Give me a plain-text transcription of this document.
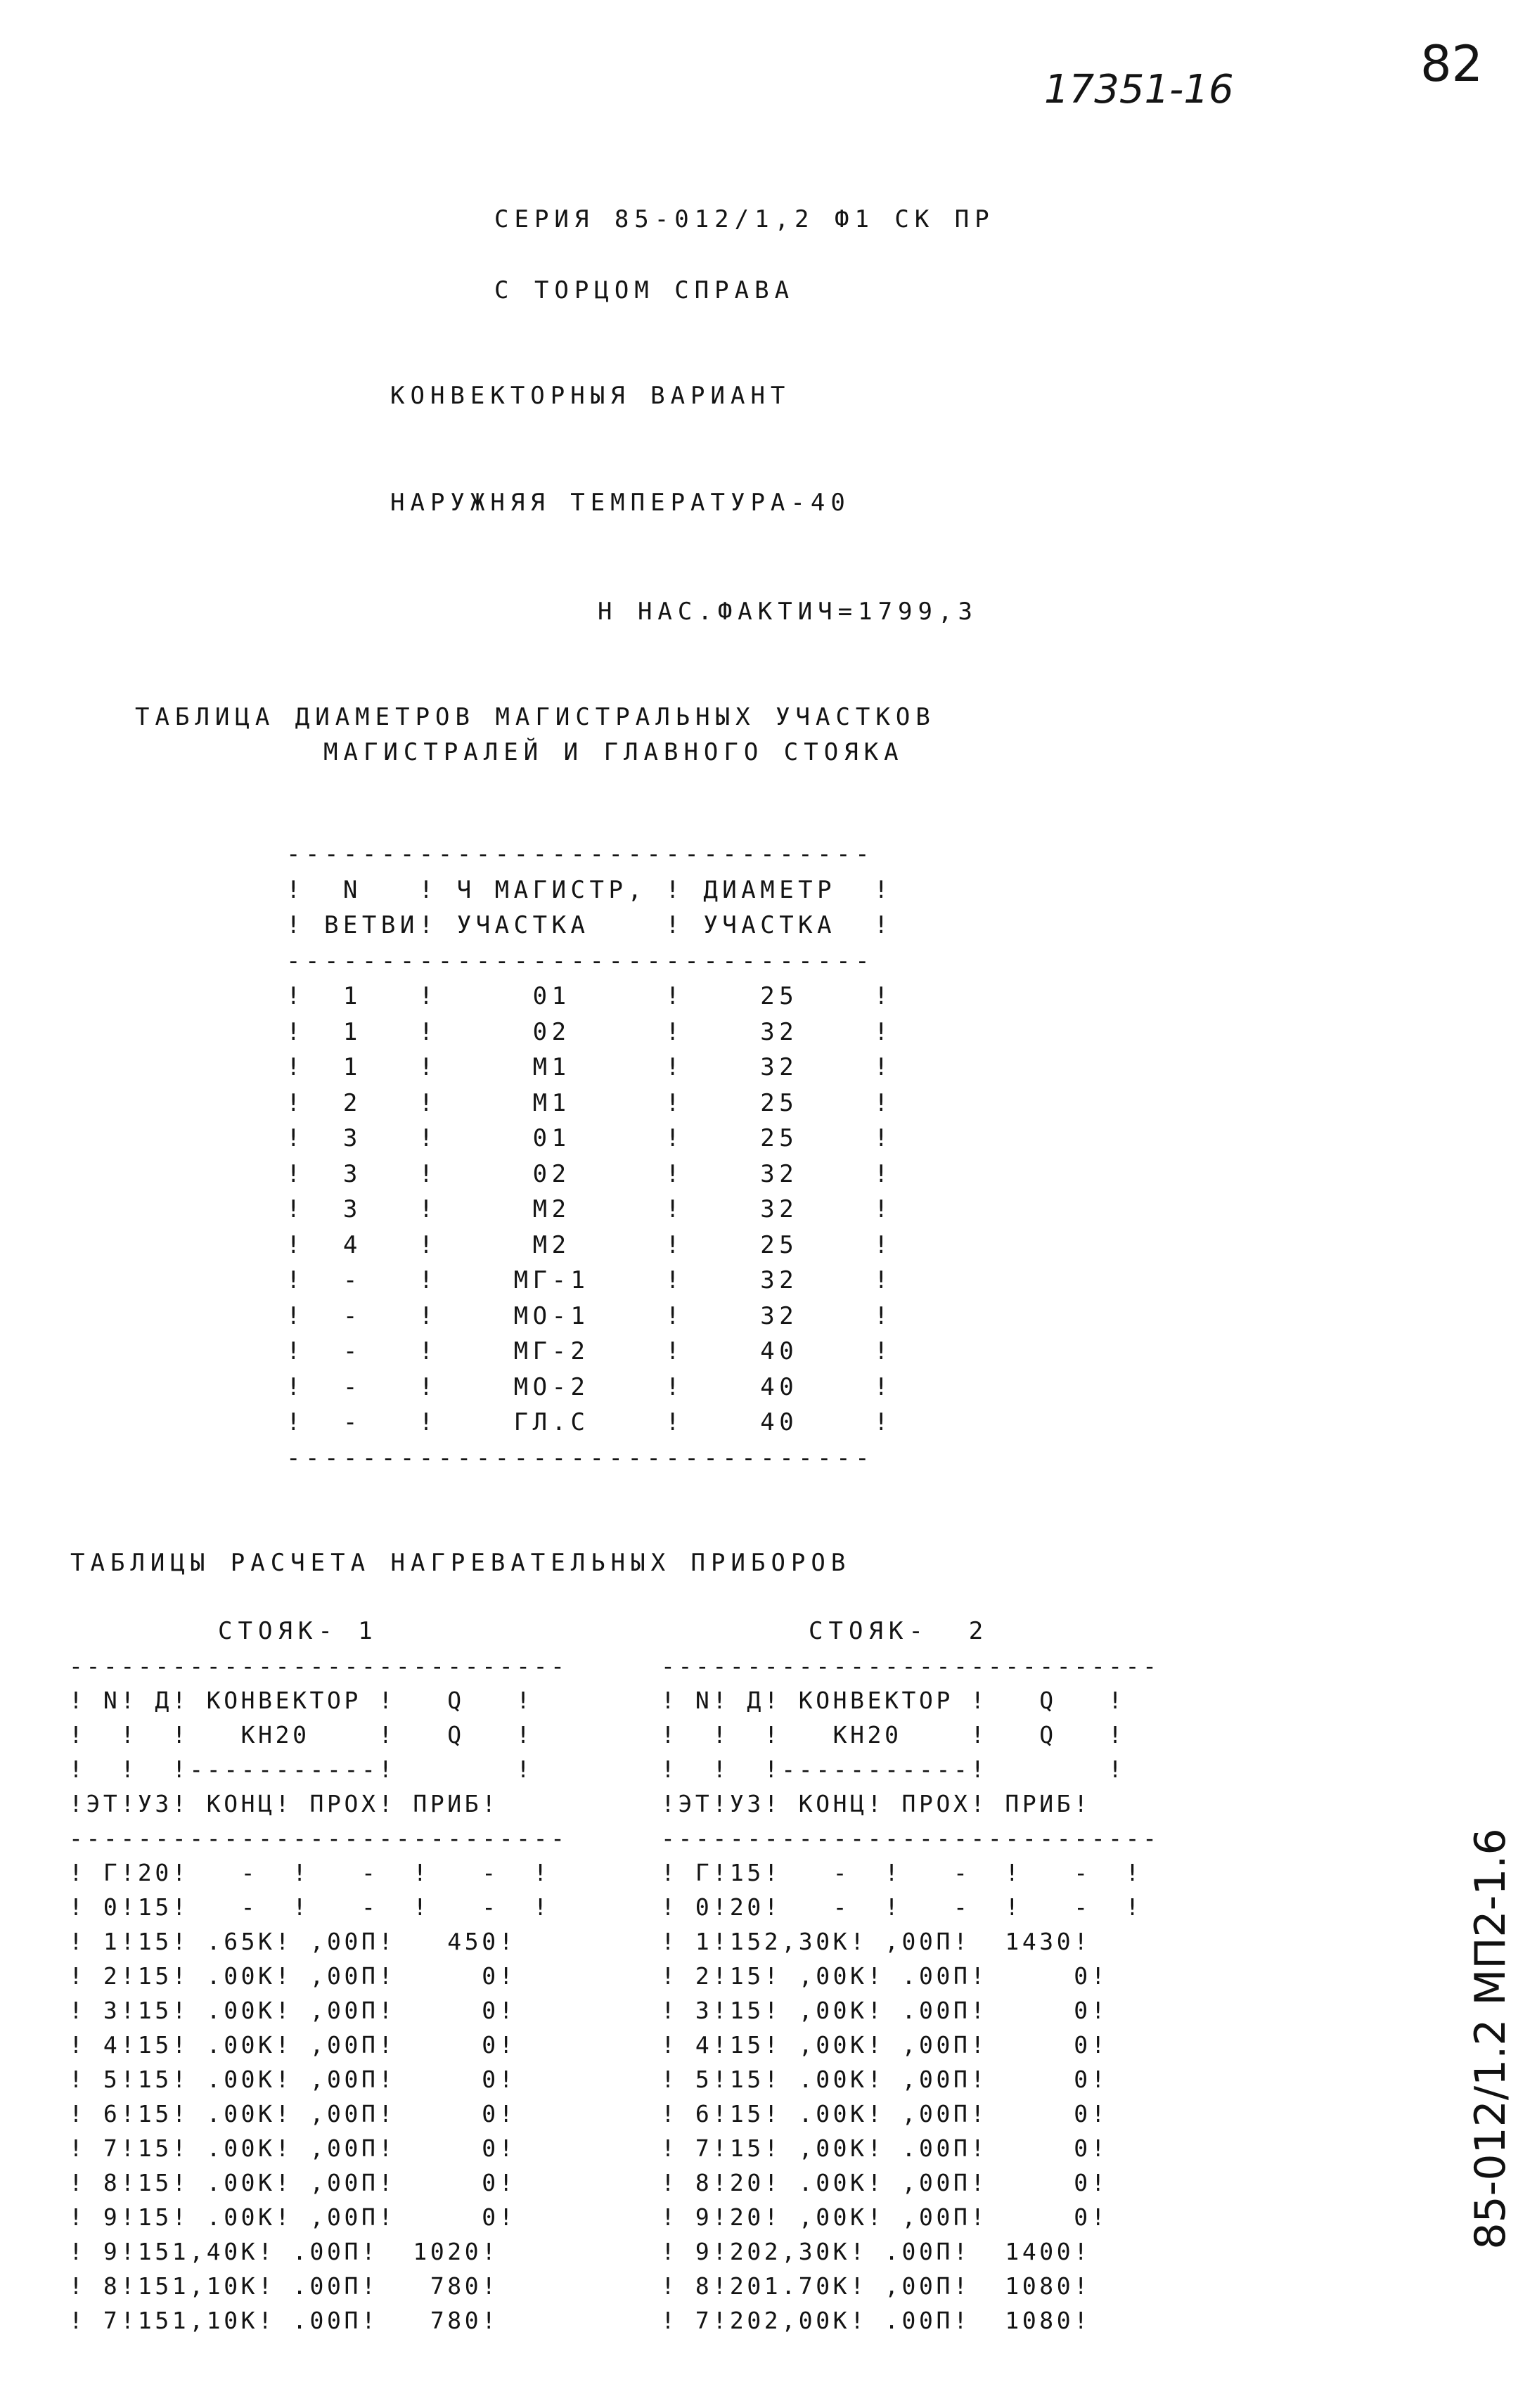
82
17351-16
СЕРИЯ 85-012/1,2 Ф1 СК ПР
С ТОРЦОМ СПРАВА
КОНВЕКТОРНЫЯ ВАРИАНТ
НАРУЖНЯЯ ТЕМПЕРАТУРА-40
Н НАС.ФАКТИЧ=1799,3
ТАБЛИЦА ДИАМЕТРОВ МАГИСТРАЛЬНЫХ УЧАСТКОВ
МАГИСТРАЛЕЙ И ГЛАВНОГО СТОЯКА
-------------------------------
!  N   ! Ч МАГИСТР, ! ДИАМЕТР  !
! ВЕТВИ! УЧАСТКА    ! УЧАСТКА  !
-------------------------------
!  1   !     01     !    25    !
!  1   !     02     !    32    !
!  1   !     М1     !    32    !
!  2   !     М1     !    25    !
!  3   !     01     !    25    !
!  3   !     02     !    32    !
!  3   !     М2     !    32    !
!  4   !     М2     !    25    !
!  -   !    МГ-1    !    32    !
!  -   !    МО-1    !    32    !
!  -   !    МГ-2    !    40    !
!  -   !    МО-2    !    40    !
!  -   !    ГЛ.С    !    40    !
-------------------------------
ТАБЛИЦЫ РАСЧЕТА НАГРЕВАТЕЛЬНЫХ ПРИБОРОВ
СТОЯК- 1	СТОЯК-  2
-----------------------------
! N! Д! КОНВЕКТОР !   Q   !
!  !  !   КН20    !   Q   !
!  !  !-----------!       !
!ЭТ!УЗ! КОНЦ! ПРОХ! ПРИБ!
-----------------------------
! Г!20!   -  !   -  !   -  !
! 0!15!   -  !   -  !   -  !
! 1!15! .65К! ,00П!   450!
! 2!15! .00К! ,00П!     0!
! 3!15! .00К! ,00П!     0!
! 4!15! .00К! ,00П!     0!
! 5!15! .00К! ,00П!     0!
! 6!15! .00К! ,00П!     0!
! 7!15! .00К! ,00П!     0!
! 8!15! .00К! ,00П!     0!
! 9!15! .00К! ,00П!     0!
! 9!151,40К! .00П!  1020!
! 8!151,10К! .00П!   780!
! 7!151,10К! .00П!   780!
-----------------------------
! N! Д! КОНВЕКТОР !   Q   !
!  !  !   КН20    !   Q   !
!  !  !-----------!       !
!ЭТ!УЗ! КОНЦ! ПРОХ! ПРИБ!
-----------------------------
! Г!15!   -  !   -  !   -  !
! 0!20!   -  !   -  !   -  !
! 1!152,30К! ,00П!  1430!
! 2!15! ,00К! .00П!     0!
! 3!15! ,00К! .00П!     0!
! 4!15! ,00К! ,00П!     0!
! 5!15! .00К! ,00П!     0!
! 6!15! .00К! ,00П!     0!
! 7!15! ,00К! .00П!     0!
! 8!20! .00К! ,00П!     0!
! 9!20! ,00К! ,00П!     0!
! 9!202,30К! .00П!  1400!
! 8!201.70К! ,00П!  1080!
! 7!202,00К! .00П!  1080!
85-012/1.2 МП2-1.6
